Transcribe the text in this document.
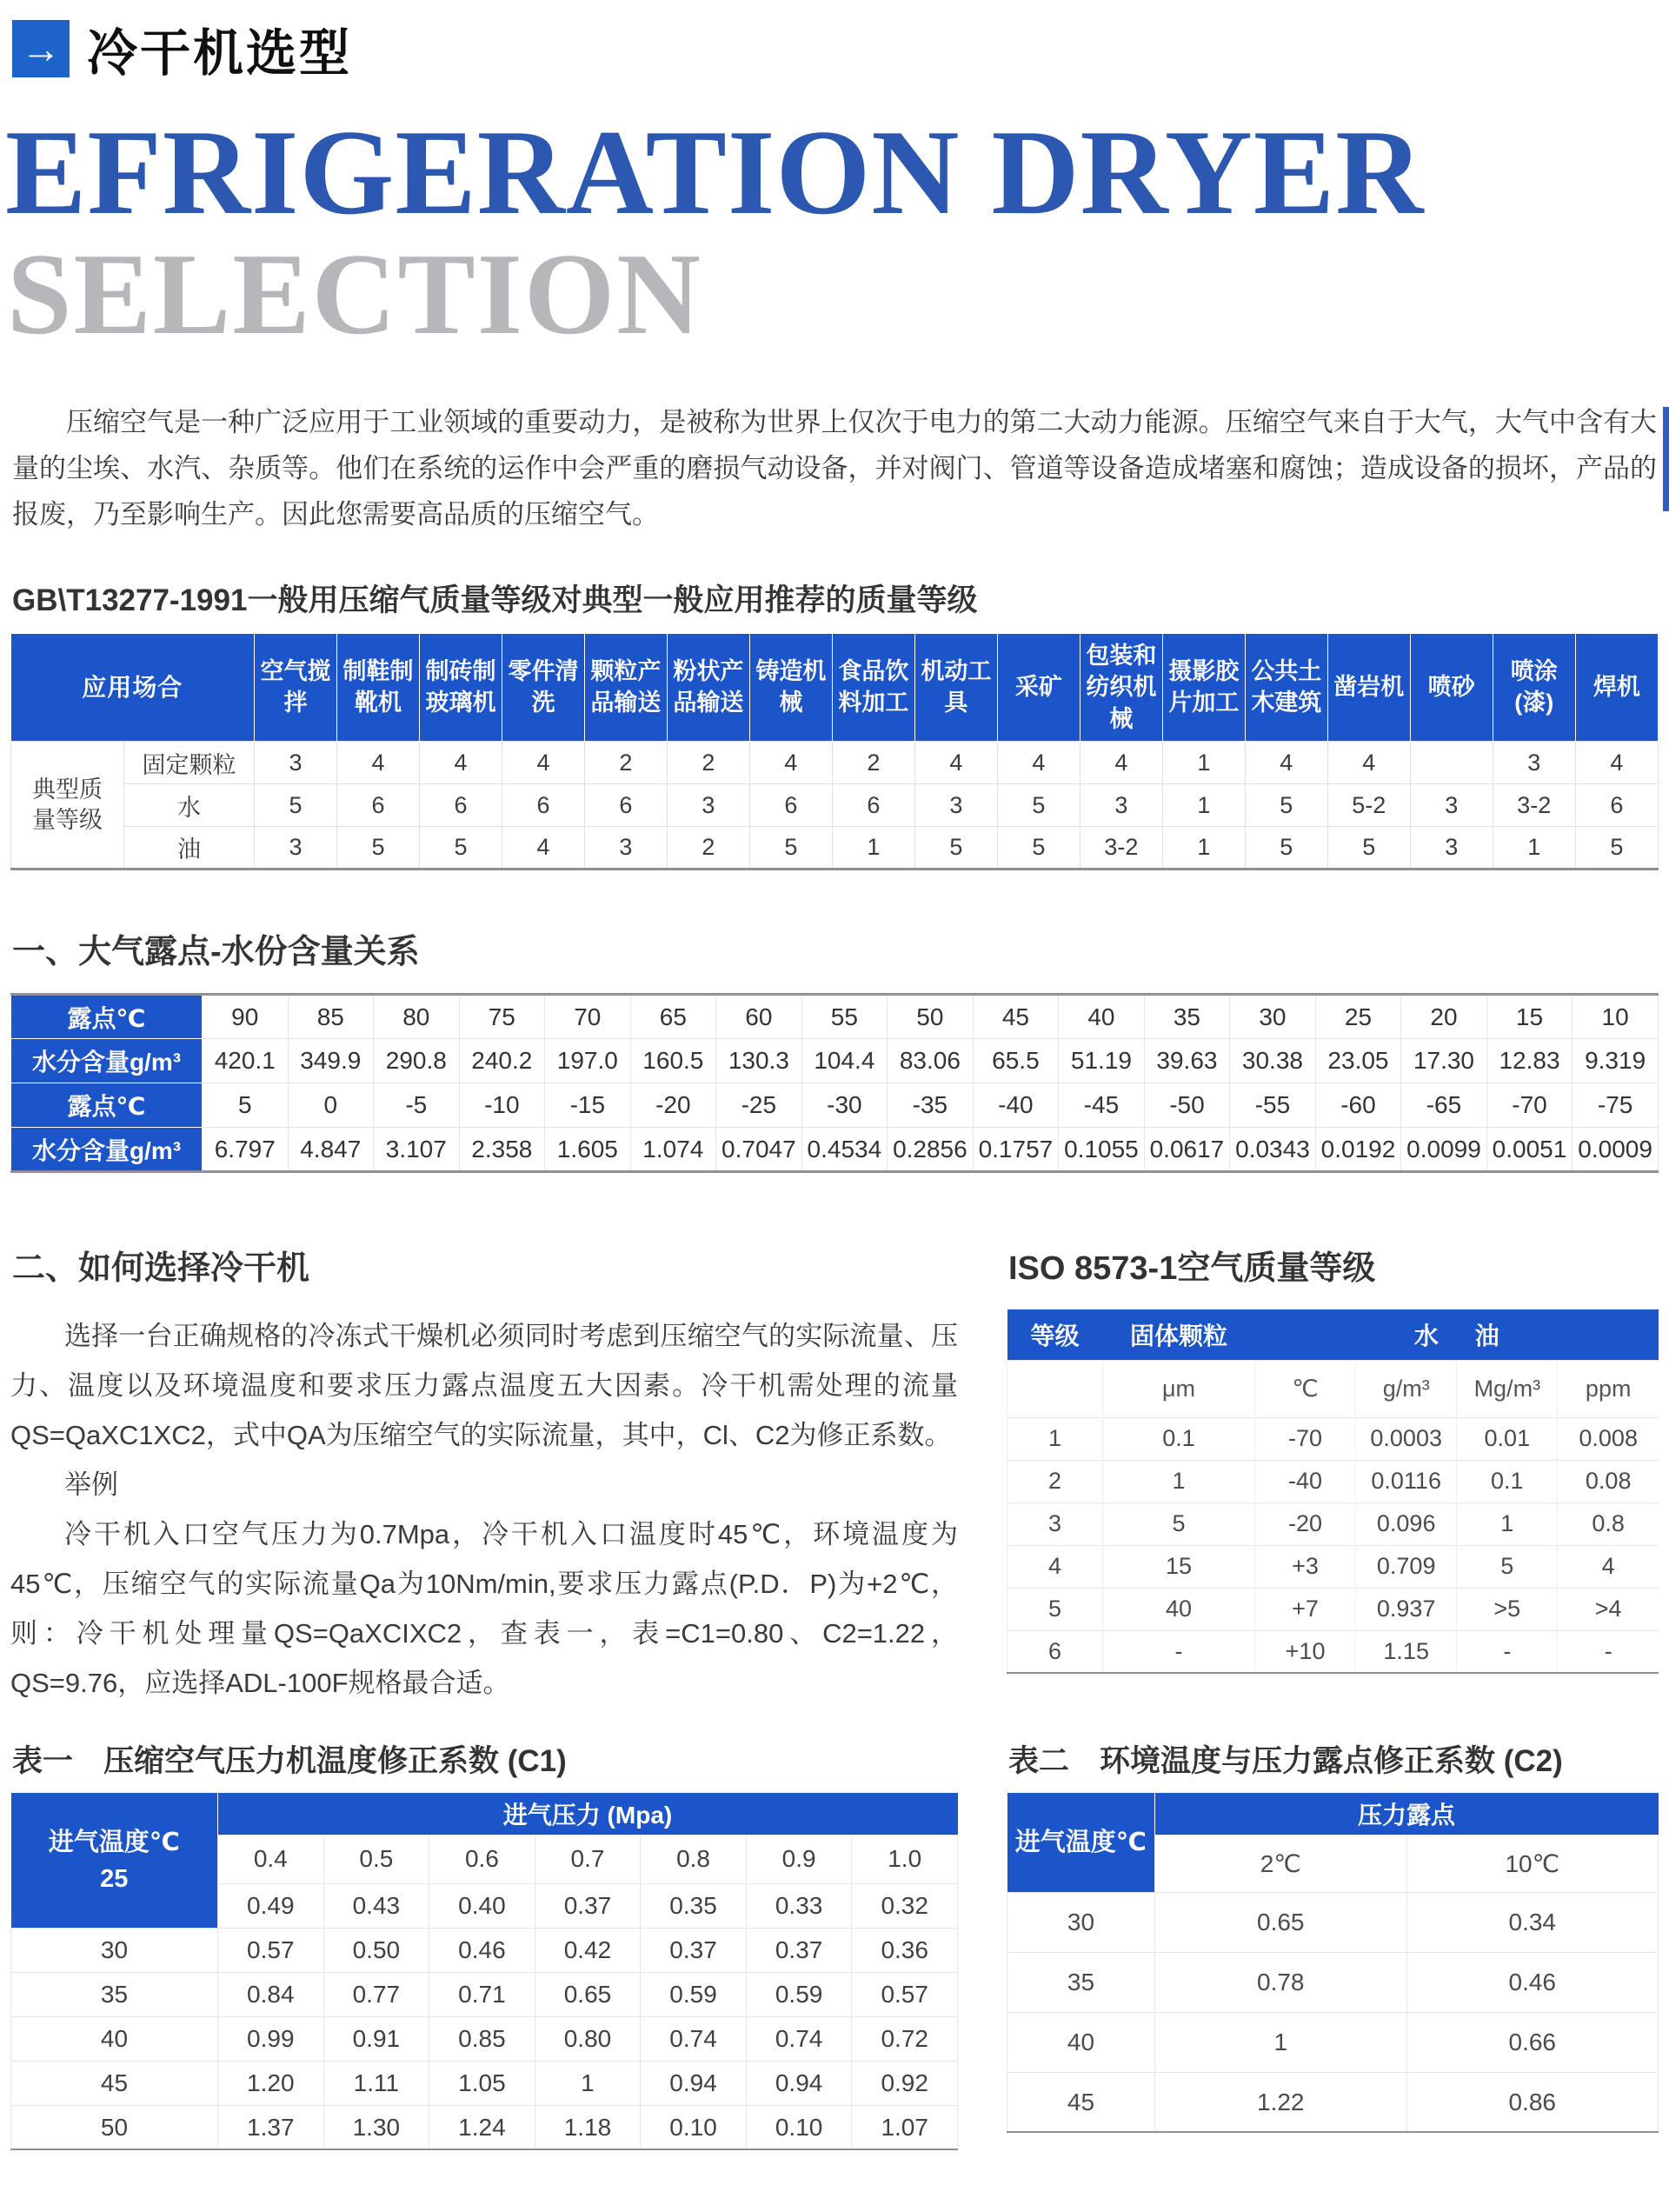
→ 冷干机选型
EFRIGERATION DRYER
SELECTION

压缩空气是一种广泛应用于工业领域的重要动力，是被称为世界上仅次于电力的第二大动力能源。压缩空气来自于大气，大气中含有大量的尘埃、水汽、杂质等。他们在系统的运作中会严重的磨损气动设备，并对阀门、管道等设备造成堵塞和腐蚀；造成设备的损坏，产品的报废，乃至影响生产。因此您需要高品质的压缩空气。

GB\T13277-1991一般用压缩气质量等级对典型一般应用推荐的质量等级
应用场合		空气搅拌	制鞋制靴机	制砖制玻璃机	零件清洗	颗粒产品输送	粉状产品输送	铸造机械	食品饮料加工	机动工具	采矿	包装和纺织机械	摄影胶片加工	公共土木建筑	凿岩机	喷砂	喷涂(漆)	焊机
典型质量等级	固定颗粒	3	4	4	4	2	2	4	2	4	4	4	1	4	4		3	4
	水	5	6	6	6	6	3	6	6	3	5	3	1	5	5-2	3	3-2	6
	油	3	5	5	4	3	2	5	1	5	5	3-2	1	5	5	3	1	5
一、大气露点-水份含量关系
露点℃	90	85	80	75	70	65	60	55	50	45	40	35	30	25	20	15	10
水分含量g/m³	420.1	349.9	290.8	240.2	197.0	160.5	130.3	104.4	83.06	65.5	51.19	39.63	30.38	23.05	17.30	12.83	9.319
露点℃	5	0	-5	-10	-15	-20	-25	-30	-35	-40	-45	-50	-55	-60	-65	-70	-75
水分含量g/m³	6.797	4.847	3.107	2.358	1.605	1.074	0.7047	0.4534	0.2856	0.1757	0.1055	0.0617	0.0343	0.0192	0.0099	0.0051	0.0009
二、如何选择冷干机

选择一台正确规格的冷冻式干燥机必须同时考虑到压缩空气的实际流量、压力、温度以及环境温度和要求压力露点温度五大因素。冷干机需处理的流量QS=QaXC1XC2，式中QA为压缩空气的实际流量，其中，Cl、C2为修正系数。

举例

冷干机入口空气压力为0.7Mpa，冷干机入口温度时45℃，环境温度为45℃，压缩空气的实际流量Qa为10Nm/min,要求压力露点(P.D．P)为+2℃，则：冷干机处理量QS=QaXCIXC2，查表一，表=C1=0.80、C2=1.22，QS=9.76，应选择ADL-100F规格最合适。

ISO 8573-1空气质量等级
等级	固体颗粒	水 油			
	μm	℃	g/m³	Mg/m³	ppm
1	0.1	-70	0.0003	0.01	0.008
2	1	-40	0.0116	0.1	0.08
3	5	-20	0.096	1	0.8
4	15	+3	0.709	5	4
5	40	+7	0.937	>5	>4
6	-	+10	1.15	-	-
表一　压缩空气压力机温度修正系数 (C1)
进气温度℃
25	进气压力 (Mpa)						
	0.4	0.5	0.6	0.7	0.8	0.9	1.0
	0.49	0.43	0.40	0.37	0.35	0.33	0.32
30	0.57	0.50	0.46	0.42	0.37	0.37	0.36
35	0.84	0.77	0.71	0.65	0.59	0.59	0.57
40	0.99	0.91	0.85	0.80	0.74	0.74	0.72
45	1.20	1.11	1.05	1	0.94	0.94	0.92
50	1.37	1.30	1.24	1.18	0.10	0.10	1.07
表二　环境温度与压力露点修正系数 (C2)
进气温度℃	压力露点	
	2℃	10℃
30	0.65	0.34
35	0.78	0.46
40	1	0.66
45	1.22	0.86
